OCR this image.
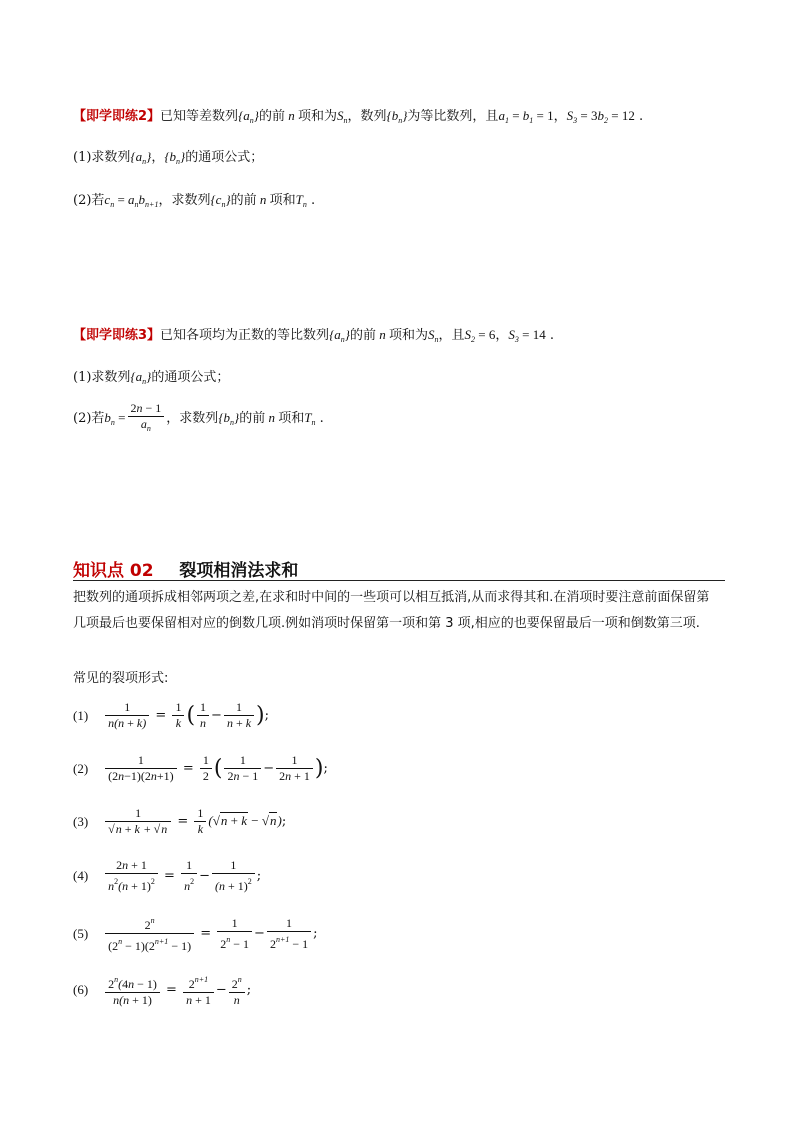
【即学即练2】已知等差数列$\{a_n\}$的前 n 项和为$S_n$，数列$\{b_n\}$为等比数列，且$a_1 = b_1 = 1$，$S_3 = 3b_2 = 12$ .
(1)求数列$\{a_n\}$，$\{b_n\}$的通项公式；
(2)若$c_n = a_nb_{n+1}$，求数列$\{c_n\}$的前 n 项和$T_n$ .
【即学即练3】已知各项均为正数的等比数列$\{a_n\}$的前 n 项和为$S_n$，且$S_2 = 6$，$S_3 = 14$ .
(1)求数列$\{a_n\}$的通项公式；
(2)若$b_n = \frac{2n - 1}{a_n}$ ，求数列$\{b_n\}$的前 n 项和$T_n$ .
知识点 02 裂项相消法求和
把数列的通项拆成相邻两项之差,在求和时中间的一些项可以相互抵消,从而求得其和.在消项时要注意前面保留第几项最后也要保留相对应的倒数几项.例如消项时保留第一项和第 3 项,相应的也要保留最后一项和倒数第三项.
常见的裂项形式:
$(1) \frac{1}{n(n + k)} = \frac{1}{k}$ ( $\frac{1}{n} - \frac{1}{n + k}$ );
$(2) \frac{1}{(2n-1)(2n+1)} = \frac{1}{2}$ ( $\frac{1}{2n - 1} - \frac{1}{2n + 1}$ );
$(3) \frac{1}{√n + k + √n} = \frac{1}{k} (√n + k - √n)$;
$(4) \frac{2n + 1}{n^2(n + 1)^2} = \frac{1}{n^2} - \frac{1}{(n + 1)^2}$ ;
$(5) \frac{2^n}{(2^n - 1)(2^{n+1} - 1)} = \frac{1}{2^n - 1} - \frac{1}{2^{n+1} - 1}$ ;
$(6) \frac{2^n(4n - 1)}{n(n + 1)} = \frac{2^{n+1}}{n + 1} - \frac{2^n}{n}$ ;
